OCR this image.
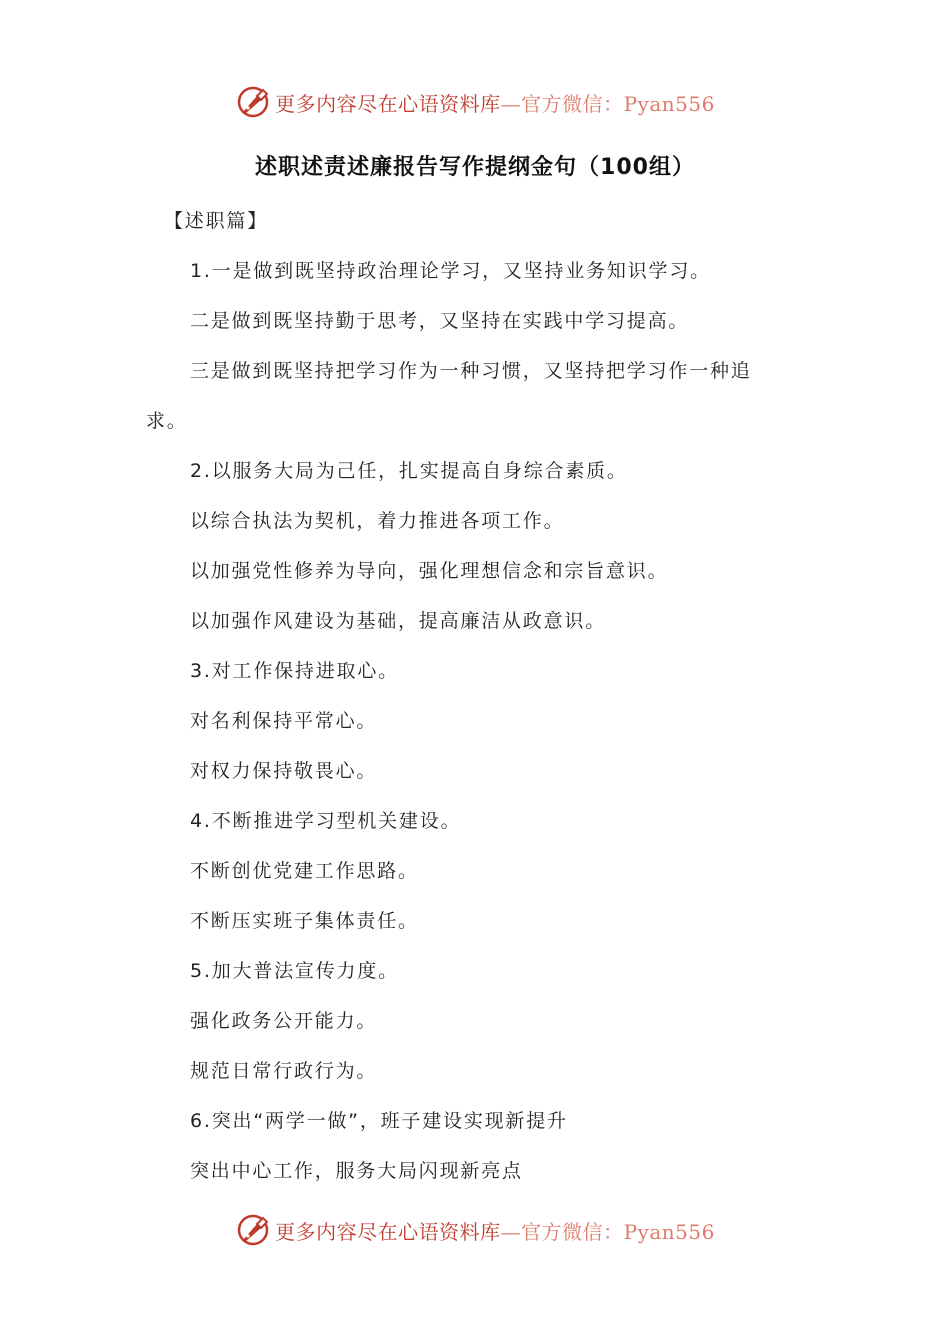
更多内容尽在心语资料库—官方微信：Pyan556
述职述责述廉报告写作提纲金句（100组）
【述职篇】
1.一是做到既坚持政治理论学习，又坚持业务知识学习。
二是做到既坚持勤于思考，又坚持在实践中学习提高。
三是做到既坚持把学习作为一种习惯，又坚持把学习作一种追
求。
2.以服务大局为己任，扎实提高自身综合素质。
以综合执法为契机，着力推进各项工作。
以加强党性修养为导向，强化理想信念和宗旨意识。
以加强作风建设为基础，提高廉洁从政意识。
3.对工作保持进取心。
对名利保持平常心。
对权力保持敬畏心。
4.不断推进学习型机关建设。
不断创优党建工作思路。
不断压实班子集体责任。
5.加大普法宣传力度。
强化政务公开能力。
规范日常行政行为。
6.突出“两学一做”，班子建设实现新提升
突出中心工作，服务大局闪现新亮点
更多内容尽在心语资料库—官方微信：Pyan556
